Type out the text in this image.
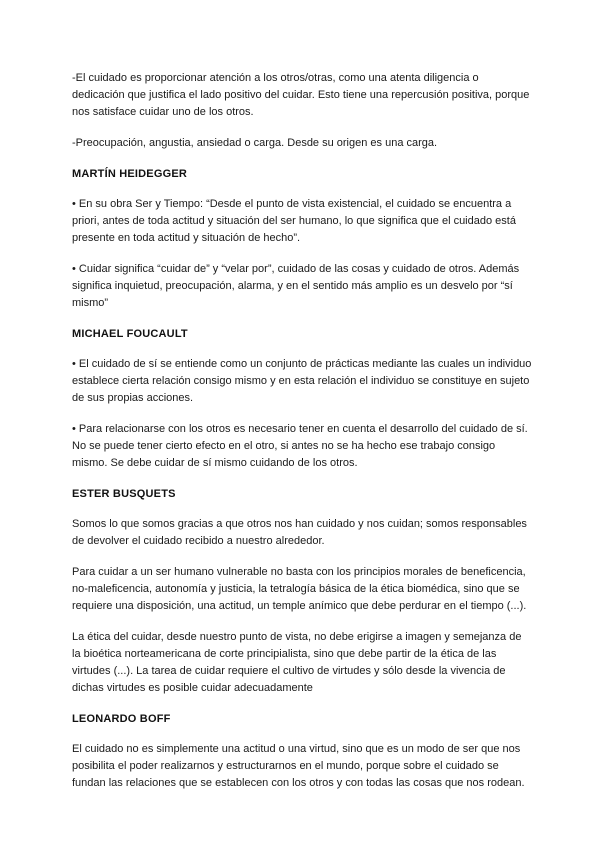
-El cuidado es proporcionar atención a los otros/otras, como una atenta diligencia o dedicación que justifica el lado positivo del cuidar. Esto tiene una repercusión positiva, porque nos satisface cuidar uno de los otros.

-Preocupación, angustia, ansiedad o carga. Desde su origen es una carga.

MARTÍN HEIDEGGER

• En su obra Ser y Tiempo: “Desde el punto de vista existencial, el cuidado se encuentra a priori, antes de toda actitud y situación del ser humano, lo que significa que el cuidado está presente en toda actitud y situación de hecho”.

• Cuidar significa “cuidar de” y “velar por”, cuidado de las cosas y cuidado de otros. Además significa inquietud, preocupación, alarma, y en el sentido más amplio es un desvelo por “sí mismo”

MICHAEL FOUCAULT

• El cuidado de sí se entiende como un conjunto de prácticas mediante las cuales un individuo establece cierta relación consigo mismo y en esta relación el individuo se constituye en sujeto de sus propias acciones.

• Para relacionarse con los otros es necesario tener en cuenta el desarrollo del cuidado de sí. No se puede tener cierto efecto en el otro, si antes no se ha hecho ese trabajo consigo mismo. Se debe cuidar de sí mismo cuidando de los otros.

ESTER BUSQUETS

Somos lo que somos gracias a que otros nos han cuidado y nos cuidan; somos responsables de devolver el cuidado recibido a nuestro alrededor.

Para cuidar a un ser humano vulnerable no basta con los principios morales de beneficencia, no-maleficencia, autonomía y justicia, la tetralogía básica de la ética biomédica, sino que se requiere una disposición, una actitud, un temple anímico que debe perdurar en el tiempo (...).

La ética del cuidar, desde nuestro punto de vista, no debe erigirse a imagen y semejanza de la bioética norteamericana de corte principialista, sino que debe partir de la ética de las virtudes (...). La tarea de cuidar requiere el cultivo de virtudes y sólo desde la vivencia de dichas virtudes es posible cuidar adecuadamente

LEONARDO BOFF

El cuidado no es simplemente una actitud o una virtud, sino que es un modo de ser que nos posibilita el poder realizarnos y estructurarnos en el mundo, porque sobre el cuidado se fundan las relaciones que se establecen con los otros y con todas las cosas que nos rodean.
